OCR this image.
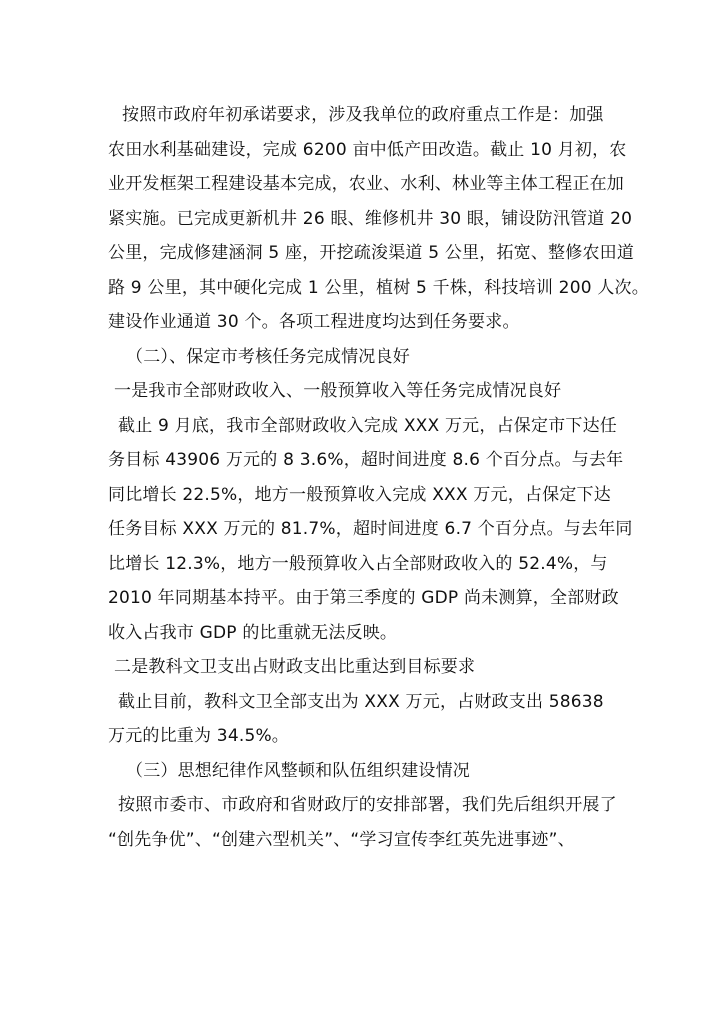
按照市政府年初承诺要求，涉及我单位的政府重点工作是：加强
农田水利基础建设，完成 6200 亩中低产田改造。截止 10 月初，农
业开发框架工程建设基本完成，农业、水利、林业等主体工程正在加
紧实施。已完成更新机井 26 眼、维修机井 30 眼，铺设防汛管道 20
公里，完成修建涵洞 5 座，开挖疏浚渠道 5 公里，拓宽、整修农田道
路 9 公里，其中硬化完成 1 公里，植树 5 千株，科技培训 200 人次。
建设作业通道 30 个。各项工程进度均达到任务要求。
（二）、保定市考核任务完成情况良好
一是我市全部财政收入、一般预算收入等任务完成情况良好
截止 9 月底，我市全部财政收入完成 XXX 万元，占保定市下达任
务目标 43906 万元的 8 3.6%，超时间进度 8.6 个百分点。与去年
同比增长 22.5%，地方一般预算收入完成 XXX 万元，占保定下达
任务目标 XXX 万元的 81.7%，超时间进度 6.7 个百分点。与去年同
比增长 12.3%，地方一般预算收入占全部财政收入的 52.4%，与
2010 年同期基本持平。由于第三季度的 GDP 尚未测算，全部财政
收入占我市 GDP 的比重就无法反映。
二是教科文卫支出占财政支出比重达到目标要求
截止目前，教科文卫全部支出为 XXX 万元，占财政支出 58638
万元的比重为 34.5%。
（三）思想纪律作风整顿和队伍组织建设情况
按照市委市、市政府和省财政厅的安排部署，我们先后组织开展了
“创先争优”、“创建六型机关”、“学习宣传李红英先进事迹”、
